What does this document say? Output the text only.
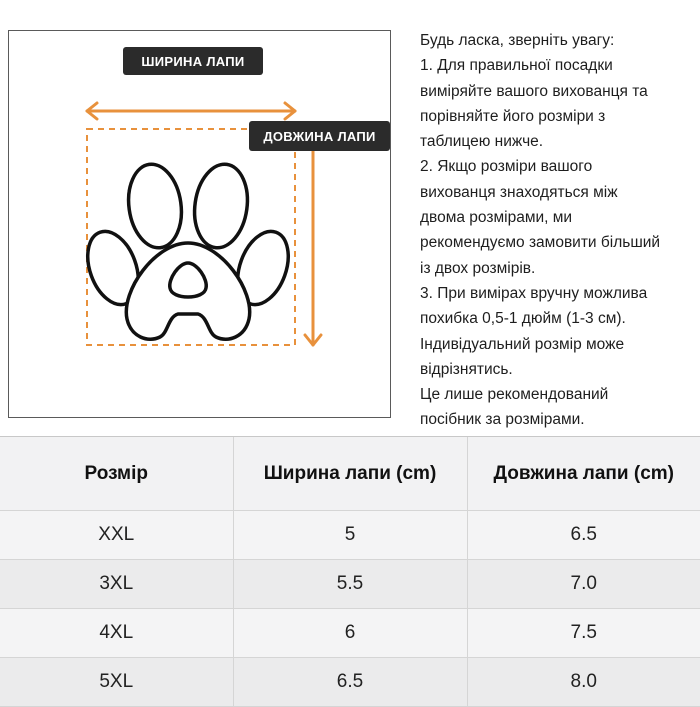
ШИРИНА ЛАПИ
ДОВЖИНА ЛАПИ

Будь ласка, зверніть увагу:

1. Для правильної посадки

виміряйте вашого вихованця та

порівняйте його розміри з

таблицею нижче.

2. Якщо розміри вашого

вихованця знаходяться між

двома розмірами, ми

рекомендуємо замовити більший

із двох розмірів.

3. При вимірах вручну можлива

похибка 0,5-1 дюйм (1-3 см).

Індивідуальний розмір може

відрізнятись.

Це лише рекомендований

посібник за розмірами.

Розмір	Ширина лапи (cm)	Довжина лапи (cm)
XXL	5	6.5
3XL	5.5	7.0
4XL	6	7.5
5XL	6.5	8.0
